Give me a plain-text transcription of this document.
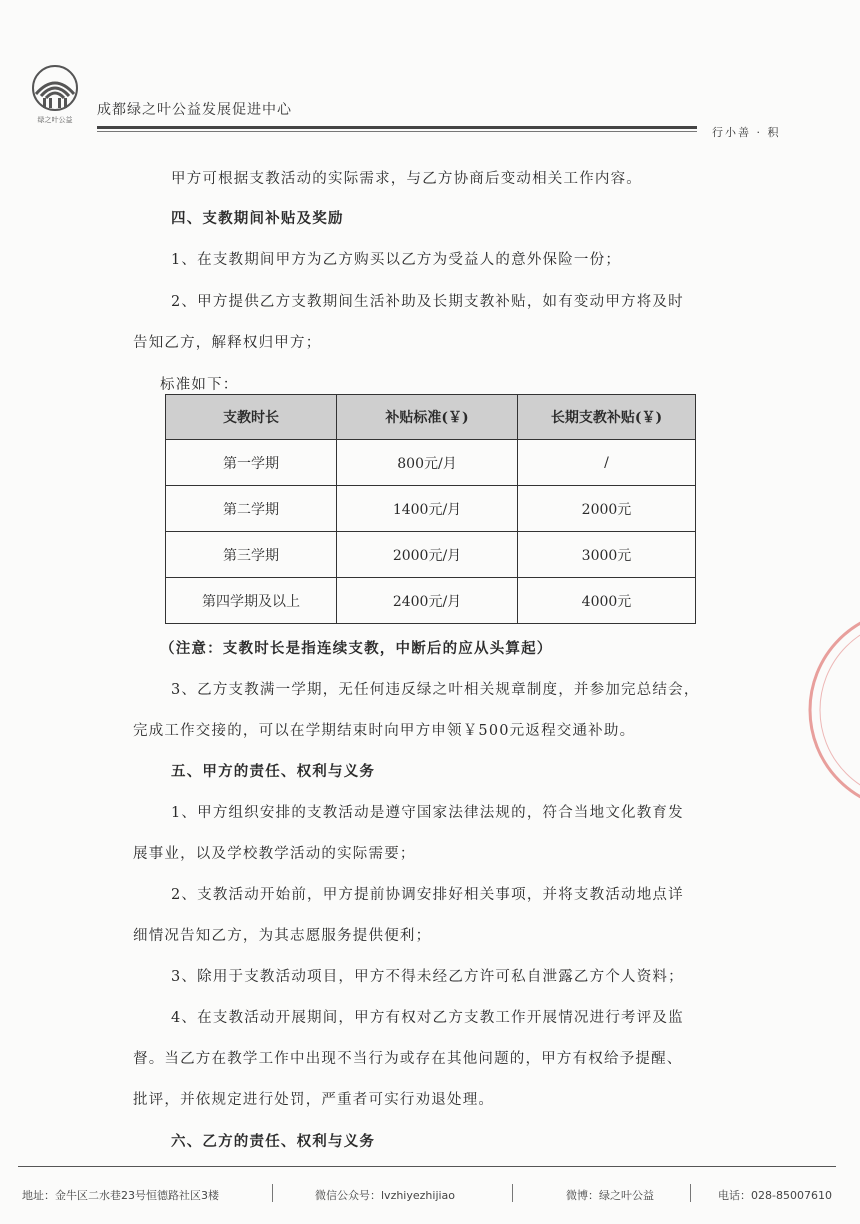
绿之叶公益
成都绿之叶公益发展促进中心
行小善 · 积
甲方可根据支教活动的实际需求，与乙方协商后变动相关工作内容。
四、支教期间补贴及奖励
1、在支教期间甲方为乙方购买以乙方为受益人的意外保险一份；
2、甲方提供乙方支教期间生活补助及长期支教补贴，如有变动甲方将及时
告知乙方，解释权归甲方；
标准如下：
支教时长	补贴标准(￥)	长期支教补贴(￥)
第一学期	800元/月	/
第二学期	1400元/月	2000元
第三学期	2000元/月	3000元
第四学期及以上	2400元/月	4000元
（注意：支教时长是指连续支教，中断后的应从头算起）
3、乙方支教满一学期，无任何违反绿之叶相关规章制度，并参加完总结会，
完成工作交接的，可以在学期结束时向甲方申领￥500元返程交通补助。
五、甲方的责任、权利与义务
1、甲方组织安排的支教活动是遵守国家法律法规的，符合当地文化教育发
展事业，以及学校教学活动的实际需要；
2、支教活动开始前，甲方提前协调安排好相关事项，并将支教活动地点详
细情况告知乙方，为其志愿服务提供便利；
3、除用于支教活动项目，甲方不得未经乙方许可私自泄露乙方个人资料；
4、在支教活动开展期间，甲方有权对乙方支教工作开展情况进行考评及监
督。当乙方在教学工作中出现不当行为或存在其他问题的，甲方有权给予提醒、
批评，并依规定进行处罚，严重者可实行劝退处理。
六、乙方的责任、权利与义务
地址：金牛区二水巷23号恒德路社区3楼	微信公众号：lvzhiyezhijiao	微博：绿之叶公益	电话：028-85007610
